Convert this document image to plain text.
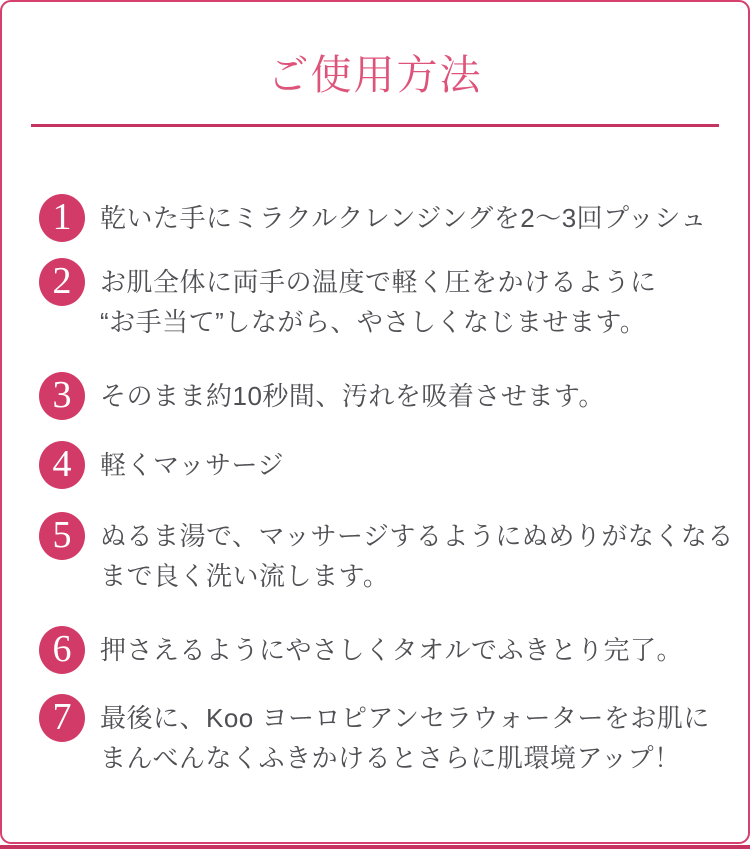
ご使用方法
1	乾いた手にミラクルクレンジングを2〜3回プッシュ
2	お肌全体に両手の温度で軽く圧をかけるように
“お手当て”しながら、やさしくなじませます。
3	そのまま約10秒間、汚れを吸着させます。
4	軽くマッサージ
5	ぬるま湯で、マッサージするようにぬめりがなくなる
まで良く洗い流します。
6	押さえるようにやさしくタオルでふきとり完了。
7	最後に、Koo ヨーロピアンセラウォーターをお肌に
まんべんなくふきかけるとさらに肌環境アップ！
